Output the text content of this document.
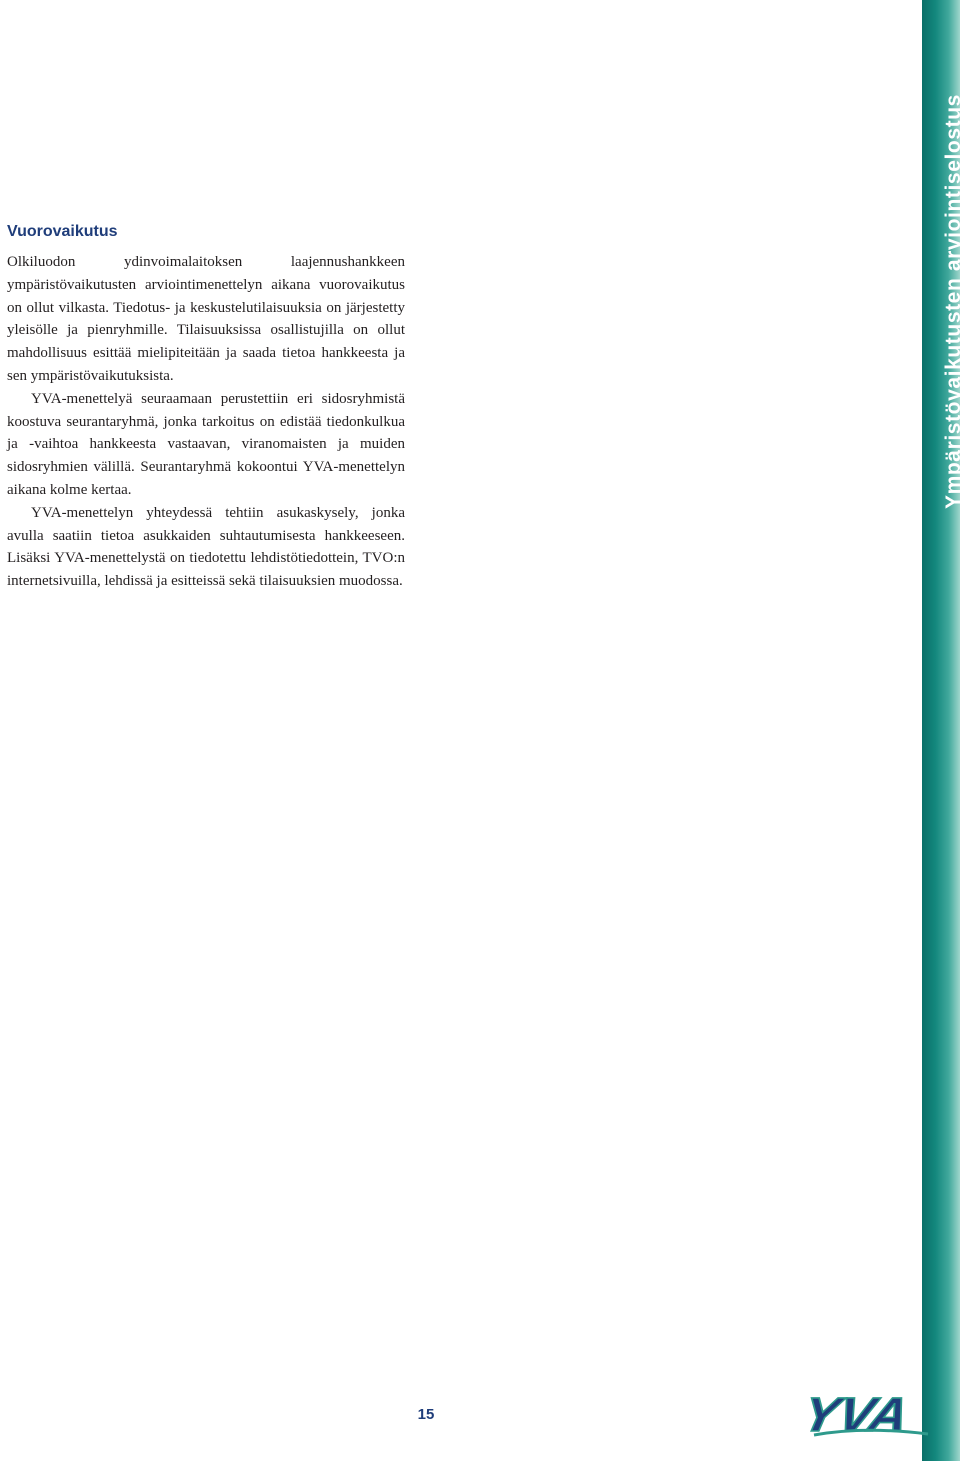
Vuorovaikutus

Olkiluodon ydinvoimalaitoksen laajennushankkeen ympäristövaikutusten arviointimenettelyn aikana vuorovaikutus on ollut vilkasta. Tiedotus- ja keskustelutilaisuuksia on järjestetty yleisölle ja pienryhmille. Tilaisuuksissa osallistujilla on ollut mahdollisuus esittää mielipiteitään ja saada tietoa hankkeesta ja sen ympäristövaikutuksista.

YVA-menettelyä seuraamaan perustettiin eri sidosryhmistä koostuva seurantaryhmä, jonka tarkoitus on edistää tiedonkulkua ja -vaihtoa hankkeesta vastaavan, viranomaisten ja muiden sidosryhmien välillä. Seurantaryhmä kokoontui YVA-menettelyn aikana kolme kertaa.

YVA-menettelyn yhteydessä tehtiin asukaskysely, jonka avulla saatiin tietoa asukkaiden suhtautumisesta hankkeeseen. Lisäksi YVA-menettelystä on tiedotettu lehdistötiedottein, TVO:n internetsivuilla, lehdissä ja esitteissä sekä tilaisuuksien muodossa.

15
Ympäristövaikutusten arviointiselostus
YVA
